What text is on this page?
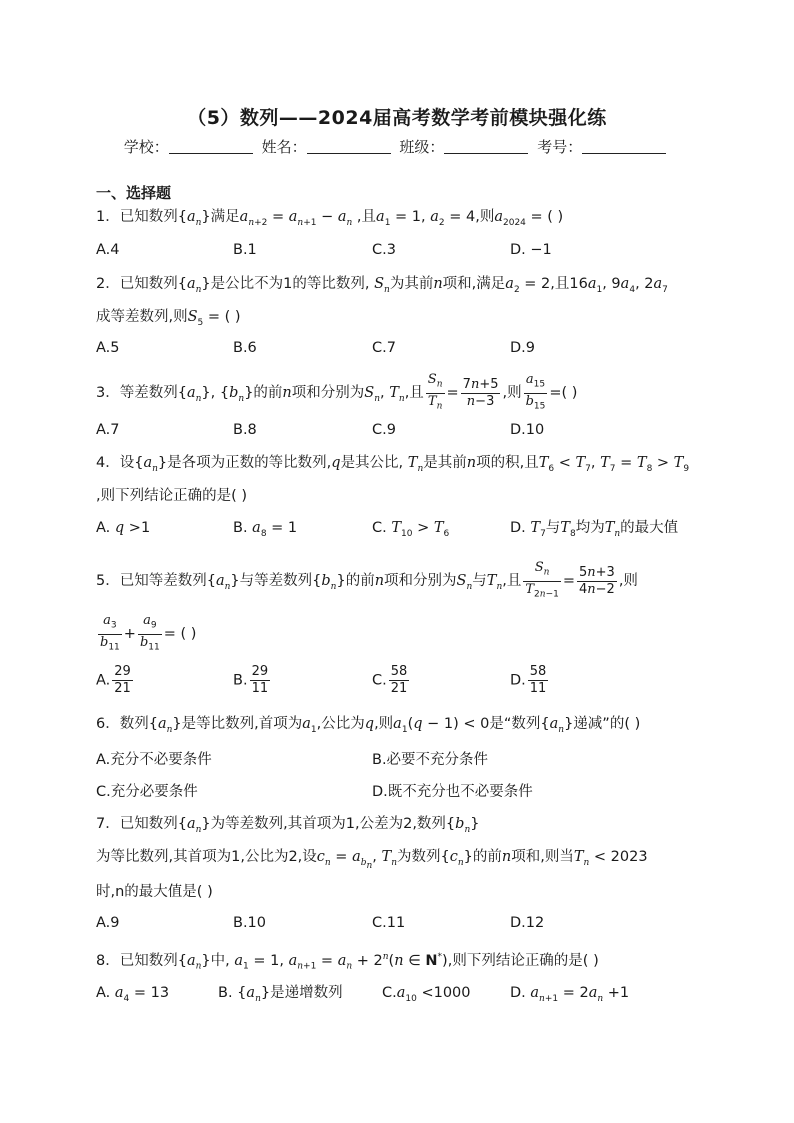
（5）数列——2024届高考数学考前模块强化练
学校：	姓名：	班级：	考号：
一、选择题
1．已知数列$\{a_n\}$满足$a_{n+2} = a_{n+1} - a_n$ ,且$a_1 = 1$, $a_2 = 4$,则$a_{2024}$ = ( )
A.4	B.1	C.3	D. −1
2．已知数列$\{a_n\}$是公比不为1的等比数列, $S_n$为其前n项和,满足$a_2 = 2$,且$16a_1$, $9a_4$, $2a_7$
成等差数列,则$S_5$ = ( )
A.5	B.6	C.7	D.9
3．等差数列$\{a_n\}$, $\{b_n\}$的前n项和分别为$S_n$, $T_n$,且 $\frac{S_n}{T_n} = \frac{7n+5}{n-3}$ ,则 $\frac{a_{15}}{b_{15}}$ =( )
A.7	B.8	C.9	D.10
4．设$\{a_n\}$是各项为正数的等比数列,q是其公比, $T_n$是其前n项的积,且$T_6 < T_7$, $T_7 = T_8 > T_9$
,则下列结论正确的是( )
A. q >1	B. $a_8 = 1$	C. $T_{10} > T_6$	D. $T_7$与$T_8$均为$T_n$的最大值
5．已知等差数列$\{a_n\}$与等差数列$\{b_n\}$的前n项和分别为$S_n$与$T_n$,且 $\frac{S_n}{T_{2n-1}} = \frac{5n+3}{4n-2}$ ,则
$\frac{a_3}{b_{11}} + \frac{a_9}{b_{11}}$ = ( )
A. $\frac{29}{21}$	B. $\frac{29}{11}$	C. $\frac{58}{21}$	D. $\frac{58}{11}$
6．数列$\{a_n\}$是等比数列,首项为$a_1$,公比为q,则$a_1(q - 1) < 0$是“数列$\{a_n\}$递减”的( )
A.充分不必要条件	B.必要不充分条件
C.充分必要条件	D.既不充分也不必要条件
7．已知数列$\{a_n\}$为等差数列,其首项为1,公差为2,数列$\{b_n\}$
为等比数列,其首项为1,公比为2,设$c_n = a_{b_n}$, $T_n$为数列$\{c_n\}$的前n项和,则当$T_n < 2023$
时,n的最大值是( )
A.9	B.10	C.11	D.12
8．已知数列$\{a_n\}$中, $a_1 = 1$, $a_{n+1} = a_n + 2^n(n$ ∈ N*),则下列结论正确的是( )
A. $a_4 = 13$	B. $\{a_n\}$是递增数列	$C.a_{10} <1000$	D. $a_{n+1} = 2a_n +1$
